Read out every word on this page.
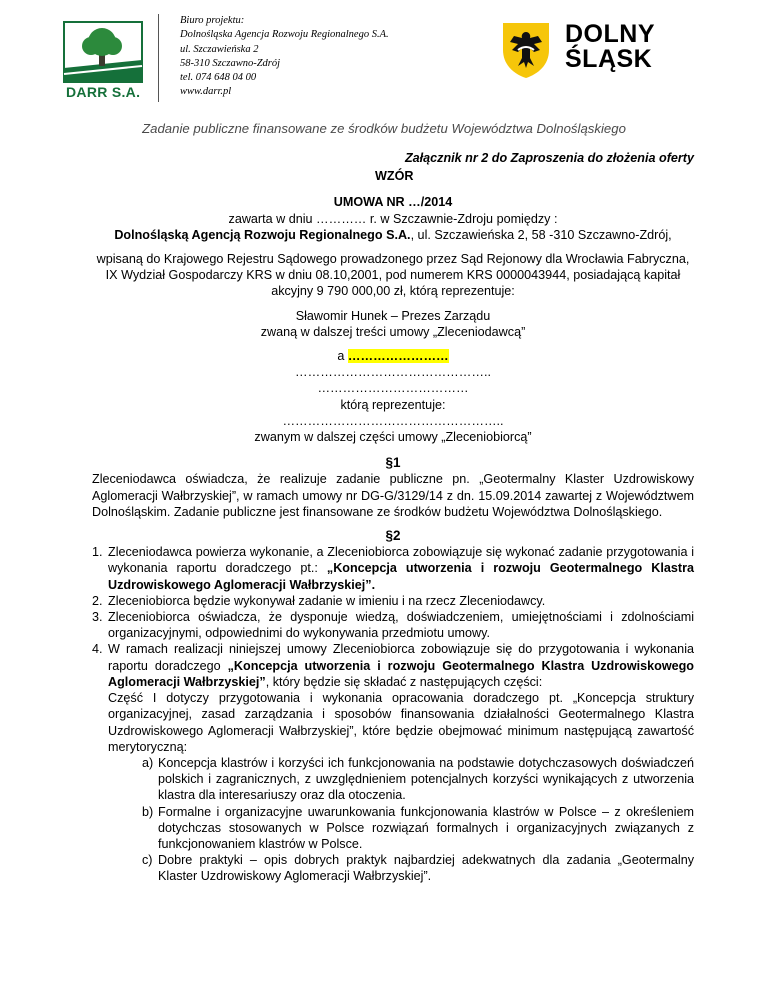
DARR S.A.
Biuro projektu:
Dolnośląska Agencja Rozwoju Regionalnego S.A.
ul. Szczawieńska 2
58-310 Szczawno-Zdrój
tel. 074 648 04 00
www.darr.pl
DOLNY
ŚLĄSK
Zadanie publiczne finansowane ze środków budżetu Województwa Dolnośląskiego
Załącznik nr 2 do Zaproszenia do złożenia oferty
WZÓR
UMOWA NR …/2014
zawarta w dniu ………… r. w Szczawnie-Zdroju pomiędzy :
Dolnośląską Agencją Rozwoju Regionalnego S.A., ul. Szczawieńska 2, 58 -310 Szczawno-Zdrój,
wpisaną do Krajowego Rejestru Sądowego prowadzonego przez Sąd Rejonowy dla Wrocławia Fabryczna,
IX Wydział Gospodarczy KRS w dniu 08.10,2001, pod numerem KRS 0000043944, posiadającą kapitał
akcyjny 9 790 000,00 zł, którą reprezentuje:
Sławomir Hunek – Prezes Zarządu
zwaną w dalszej treści umowy „Zleceniodawcą”
a ……………………
………………………………………..
………………………………
którą reprezentuje:
……………………………………………..
zwanym w dalszej części umowy „Zleceniobiorcą”
§1
Zleceniodawca oświadcza, że realizuje zadanie publiczne pn. „Geotermalny Klaster Uzdrowiskowy Aglomeracji Wałbrzyskiej”, w ramach umowy nr DG-G/3129/14 z dn. 15.09.2014 zawartej z Województwem Dolnośląskim. Zadanie publiczne jest finansowane ze środków budżetu Województwa Dolnośląskiego.
§2
1. Zleceniodawca powierza wykonanie, a Zleceniobiorca zobowiązuje się wykonać zadanie przygotowania i wykonania raportu doradczego pt.: „Koncepcja utworzenia i rozwoju Geotermalnego Klastra Uzdrowiskowego Aglomeracji Wałbrzyskiej”.
2. Zleceniobiorca będzie wykonywał zadanie w imieniu i na rzecz Zleceniodawcy.
3. Zleceniobiorca oświadcza, że dysponuje wiedzą, doświadczeniem, umiejętnościami i zdolnościami organizacyjnymi, odpowiednimi do wykonywania przedmiotu umowy.
4. W ramach realizacji niniejszej umowy Zleceniobiorca zobowiązuje się do przygotowania i wykonania raportu doradczego „Koncepcja utworzenia i rozwoju Geotermalnego Klastra Uzdrowiskowego Aglomeracji Wałbrzyskiej”, który będzie się składać z następujących części:
Część I dotyczy przygotowania i wykonania opracowania doradczego pt. „Koncepcja struktury organizacyjnej, zasad zarządzania i sposobów finansowania działalności Geotermalnego Klastra Uzdrowiskowego Aglomeracji Wałbrzyskiej”, które będzie obejmować minimum następującą zawartość merytoryczną:
a) Koncepcja klastrów i korzyści ich funkcjonowania na podstawie dotychczasowych doświadczeń polskich i zagranicznych, z uwzględnieniem potencjalnych korzyści wynikających z utworzenia klastra dla interesariuszy oraz dla otoczenia.
b) Formalne i organizacyjne uwarunkowania funkcjonowania klastrów w Polsce – z określeniem dotychczas stosowanych w Polsce rozwiązań formalnych i organizacyjnych związanych z funkcjonowaniem klastrów w Polsce.
c) Dobre praktyki – opis dobrych praktyk najbardziej adekwatnych dla zadania „Geotermalny Klaster Uzdrowiskowy Aglomeracji Wałbrzyskiej”.
